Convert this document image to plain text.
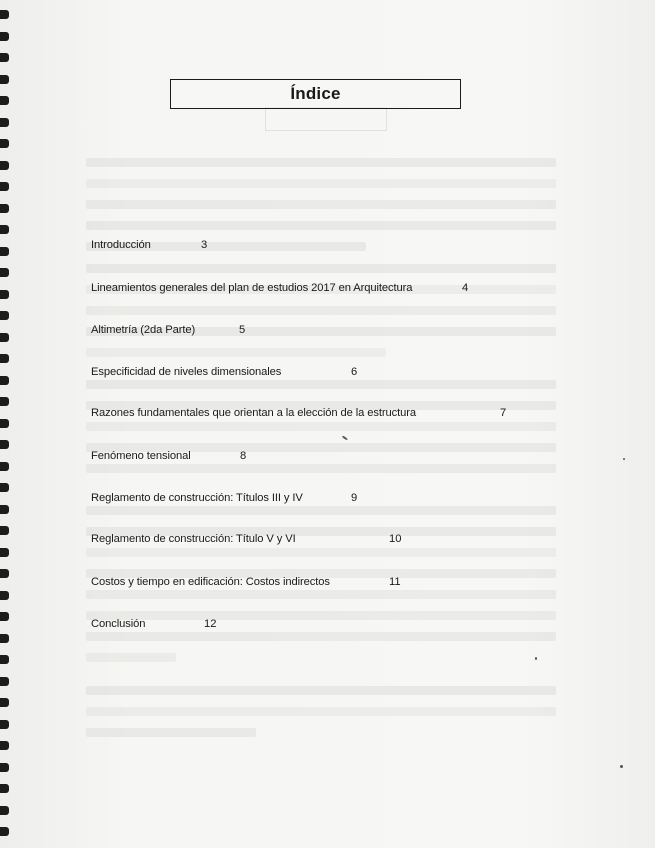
Índice
Introducción	3
Lineamientos generales del plan de estudios 2017 en Arquitectura	4
Altimetría (2da Parte)	5
Especificidad de niveles dimensionales	6
Razones fundamentales que orientan a la elección de la estructura	7
Fenómeno tensional	8
Reglamento de construcción: Títulos III y IV	9
Reglamento de construcción: Título V y VI	10
Costos y tiempo en edificación: Costos indirectos	11
Conclusión	12
